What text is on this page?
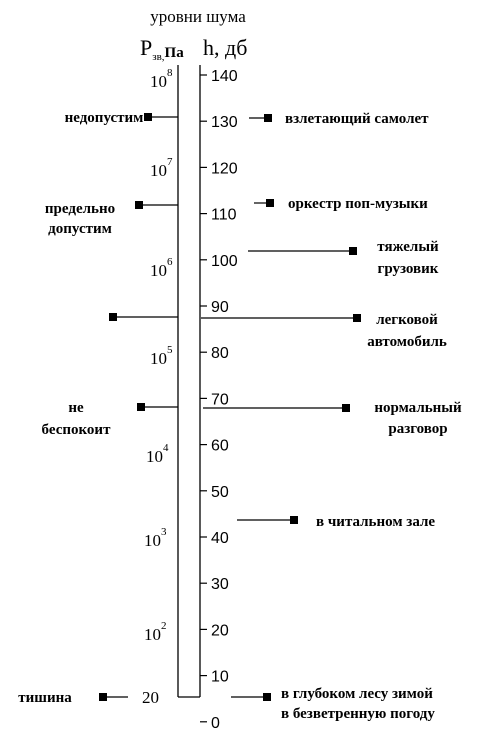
уровни шума
$P_{зв,}Па$ h, дб
$10^8$
$10^7$
$10^6$
$10^5$
$10^4$
$10^3$
$10^2$
20
140
130
120
110
100
90
80
70
60
50
40
30
20
10
0
недопустим
предельно
допустим
не
беспокоит
тишина
взлетающий самолет
оркестр поп-музыки
тяжелый
грузовик
легковой
автомобиль
нормальный
разговор
в читальном зале
в глубоком лесу зимой
в безветренную погоду
